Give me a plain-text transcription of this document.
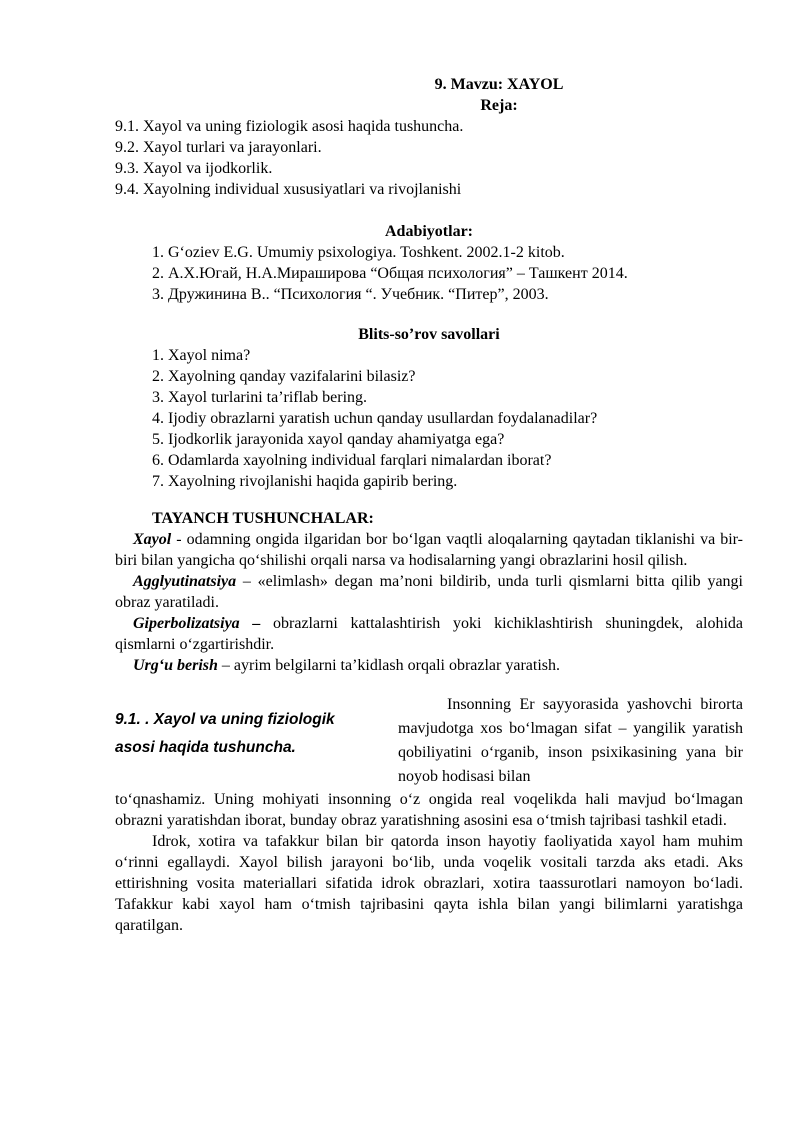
9. Mavzu: XAYOL
Reja:
9.1. Xayol va uning fiziologik asosi haqida tushuncha.
9.2. Xayol turlari va jarayonlari.
9.3. Xayol va ijodkorlik.
9.4. Xayolning individual xususiyatlari va rivojlanishi
Adabiyotlar:
1. G‘oziev E.G. Umumiy psixologiya. Toshkent. 2002.1-2 kitob.
2. А.Х.Югай, Н.А.Мирашировa “Общая психология” – Ташкент 2014.
3. Дружинина В.. “Психология “. Учебник. “Питер”, 2003.
Blits-so’rov savollari
1. Xayol nima?
2. Xayolning qanday vazifalarini bilasiz?
3. Xayol turlarini ta’riflab bering.
4. Ijodiy obrazlarni yaratish uchun qanday usullardan foydalanadilar?
5. Ijodkorlik jarayonida xayol qanday ahamiyatga ega?
6. Odamlarda xayolning individual farqlari nimalardan iborat?
7. Xayolning rivojlanishi haqida gapirib bering.
TAYANCH TUSHUNCHALAR:

Xayol - odamning ongida ilgaridan bor bo‘lgan vaqtli aloqalarning qaytadan tiklanishi va bir-biri bilan yangicha qo‘shilishi orqali narsa va hodisalarning yangi obrazlarini hosil qilish.

Agglyutinatsiya – «elimlash» degan ma’noni bildirib, unda turli qismlarni bitta qilib yangi obraz yaratiladi.

Giperbolizatsiya – obrazlarni kattalashtirish yoki kichiklashtirish shuningdek, alohida qismlarni o‘zgartirishdir.

Urg‘u berish – ayrim belgilarni ta’kidlash orqali obrazlar yaratish.

9.1. . Xayol va uning fiziologik asosi haqida tushuncha.
Insonning Er sayyorasida yashovchi birorta mavjudotga xos bo‘lmagan sifat – yangilik yaratish qobiliyatini o‘rganib, inson psixikasining yana bir noyob hodisasi bilan

to‘qnashamiz. Uning mohiyati insonning o‘z ongida real voqelikda hali mavjud bo‘lmagan obrazni yaratishdan iborat, bunday obraz yaratishning asosini esa o‘tmish tajribasi tashkil etadi.

Idrok, xotira va tafakkur bilan bir qatorda inson hayotiy faoliyatida xayol ham muhim o‘rinni egallaydi. Xayol bilish jarayoni bo‘lib, unda voqelik vositali tarzda aks etadi. Aks ettirishning vosita materiallari sifatida idrok obrazlari, xotira taassurotlari namoyon bo‘ladi. Tafakkur kabi xayol ham o‘tmish tajribasini qayta ishla bilan yangi bilimlarni yaratishga qaratilgan.
